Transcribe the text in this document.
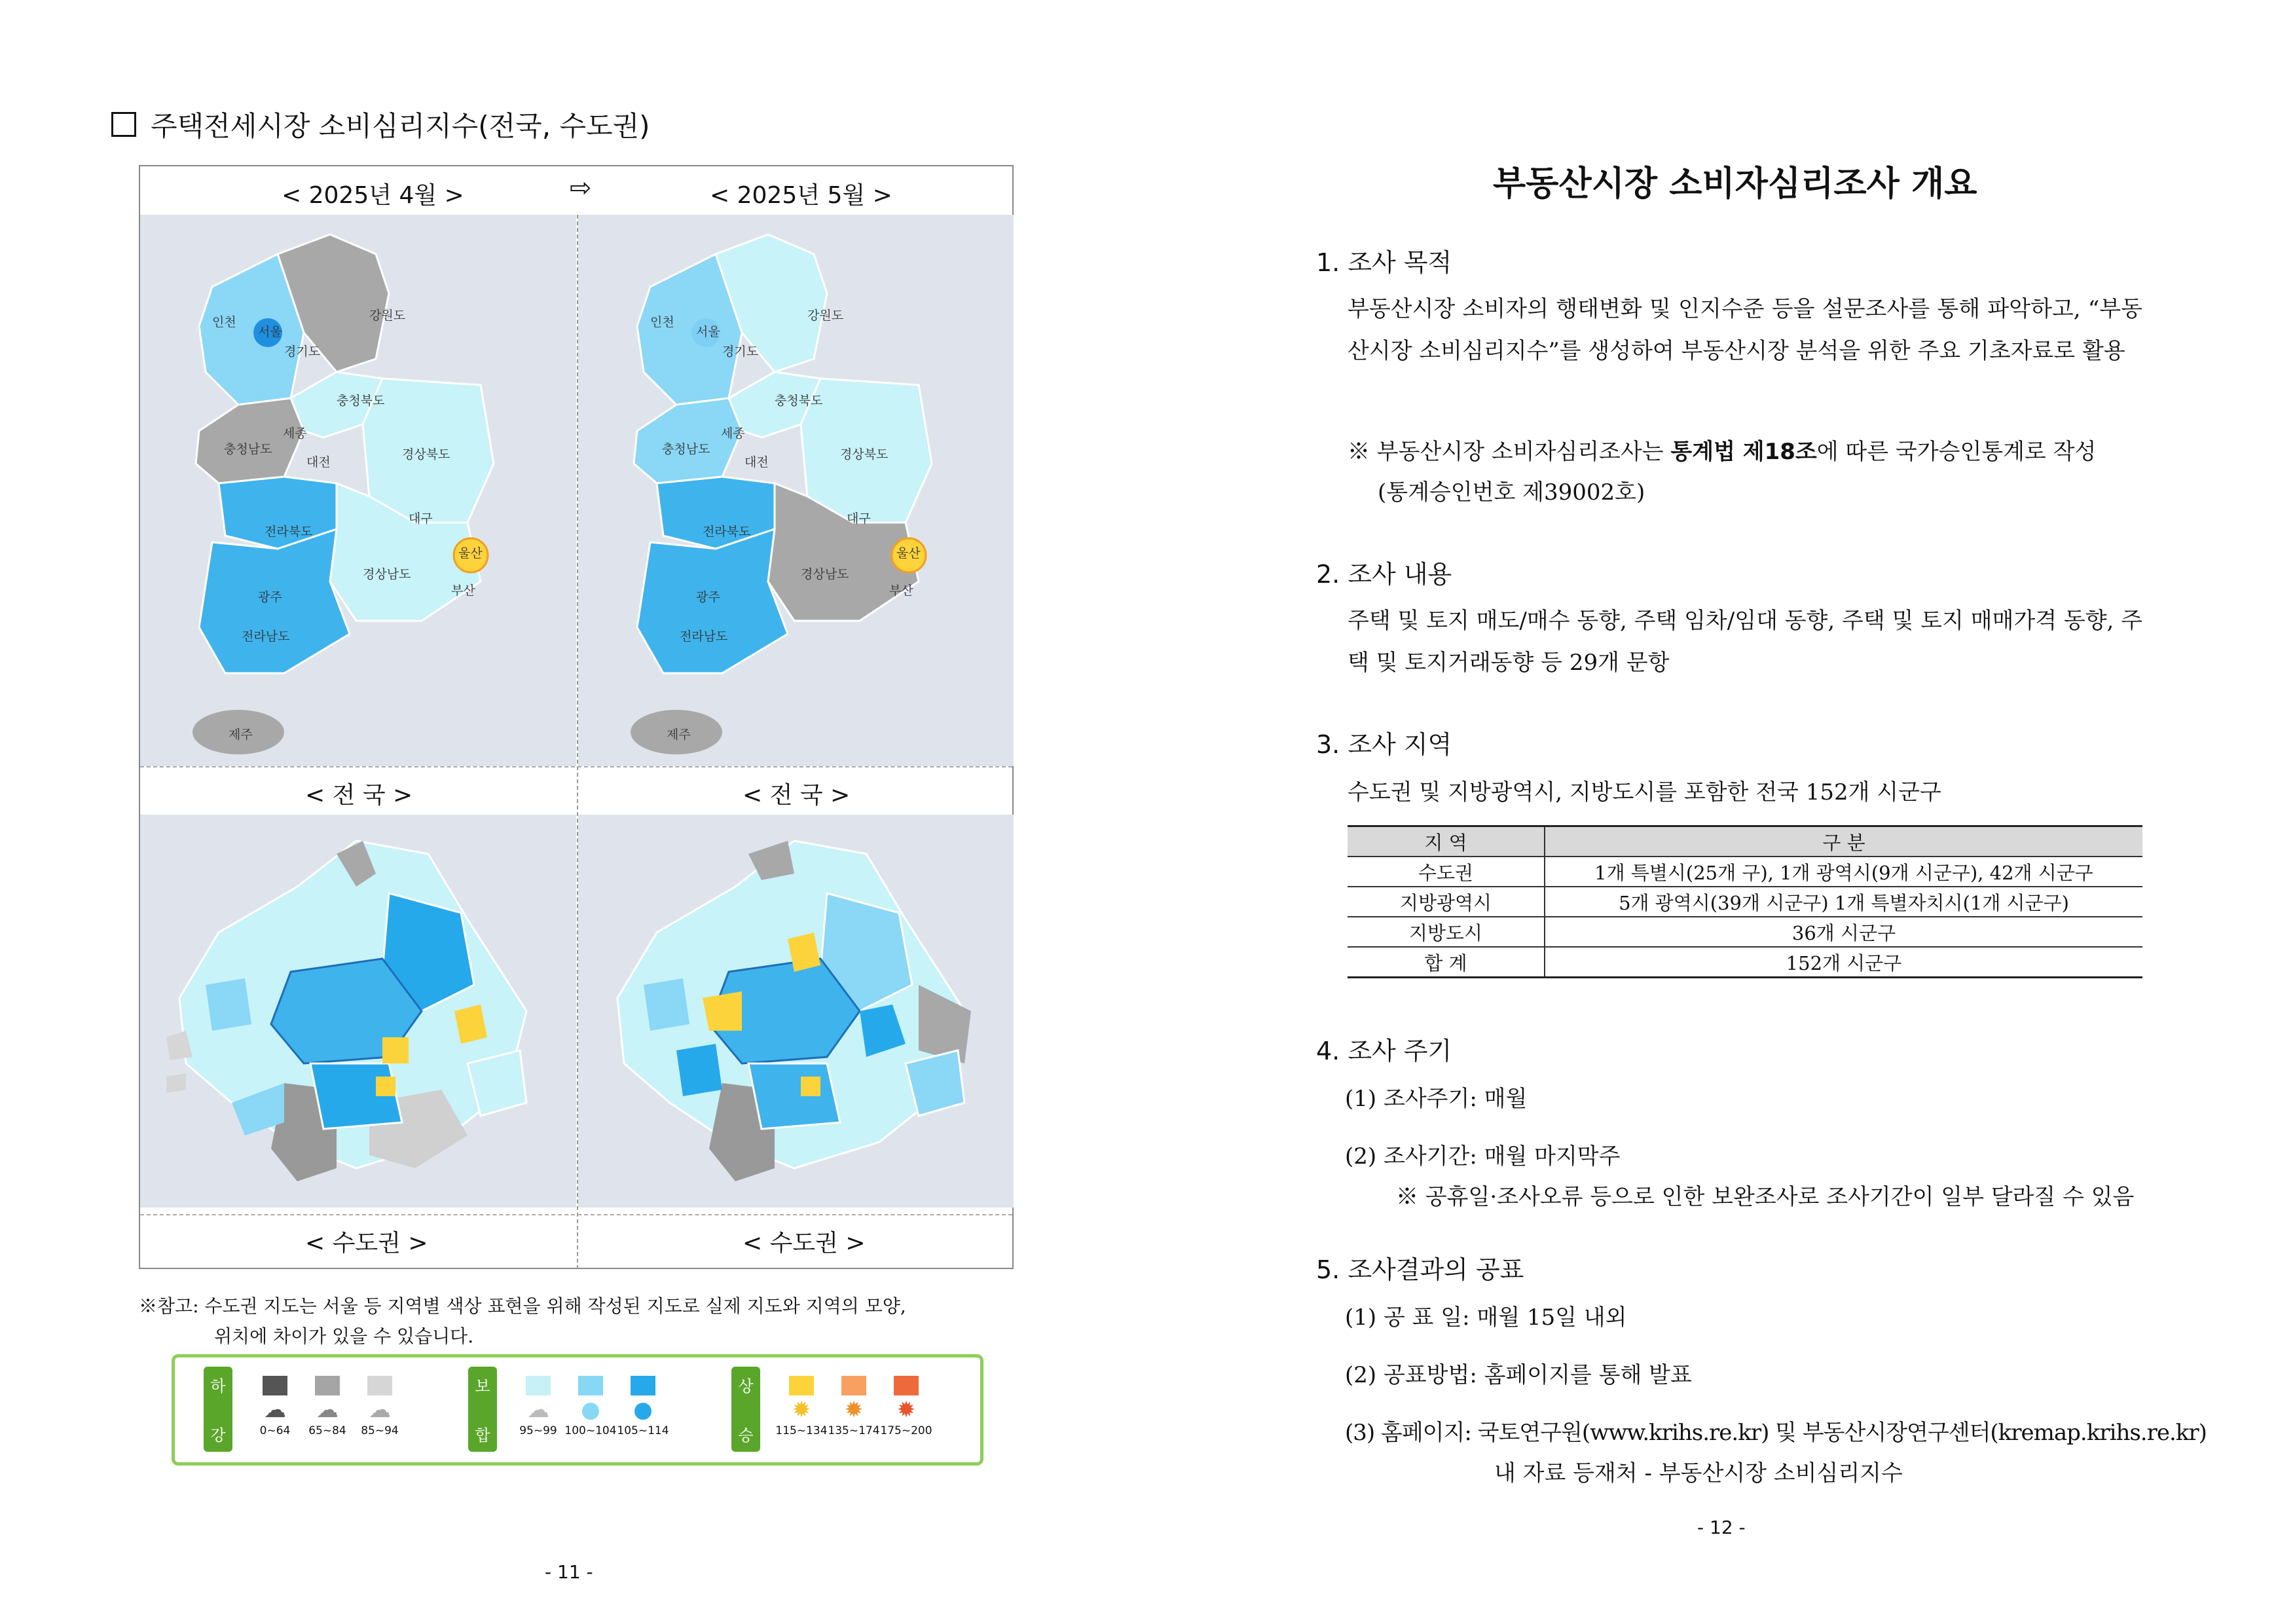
주택전세시장 소비심리지수(전국, 수도권)
< 2025년 4월 >	⇨	< 2025년 5월 >
인천
서울
경기도
강원도
충청북도
세종
충청남도
대전
경상북도
대구
전라북도
울산
경상남도
부산
광주
전라남도
제주
인천
서울
경기도
강원도
충청북도
세종
충청남도
대전
경상북도
대구
전라북도
울산
경상남도
부산
광주
전라남도
제주
< 전 국 >	< 전 국 >
< 수도권 >	< 수도권 >
※참고: 수도권 지도는 서울 등 지역별 색상 표현을 위해 작성된 지도로 실제 지도와 지역의 모양,
위치에 차이가 있을 수 있습니다.
하
강
보
합
상
승
☁
0~64
☁
65~84
☁
85~94
☁
95~99
●
100~104
●
105~114
✹
115~134
✹
135~174
✹
175~200
- 11 -
부동산시장 소비자심리조사 개요
1. 조사 목적
부동산시장 소비자의 행태변화 및 인지수준 등을 설문조사를 통해 파악하고, “부동산시장 소비심리지수”를 생성하여 부동산시장 분석을 위한 주요 기초자료로 활용
※ 부동산시장 소비자심리조사는 통계법 제18조에 따른 국가승인통계로 작성
(통계승인번호 제39002호)
2. 조사 내용
주택 및 토지 매도/매수 동향, 주택 임차/임대 동향, 주택 및 토지 매매가격 동향, 주택 및 토지거래동향 등 29개 문항
3. 조사 지역
수도권 및 지방광역시, 지방도시를 포함한 전국 152개 시군구
지 역	구 분
수도권	1개 특별시(25개 구), 1개 광역시(9개 시군구), 42개 시군구
지방광역시	5개 광역시(39개 시군구) 1개 특별자치시(1개 시군구)
지방도시	36개 시군구
합 계	152개 시군구
4. 조사 주기
(1) 조사주기: 매월
(2) 조사기간: 매월 마지막주
※ 공휴일·조사오류 등으로 인한 보완조사로 조사기간이 일부 달라질 수 있음
5. 조사결과의 공표
(1) 공 표 일: 매월 15일 내외
(2) 공표방법: 홈페이지를 통해 발표
(3) 홈페이지: 국토연구원(www.krihs.re.kr) 및 부동산시장연구센터(kremap.krihs.re.kr)
내 자료 등재처 - 부동산시장 소비심리지수
- 12 -
